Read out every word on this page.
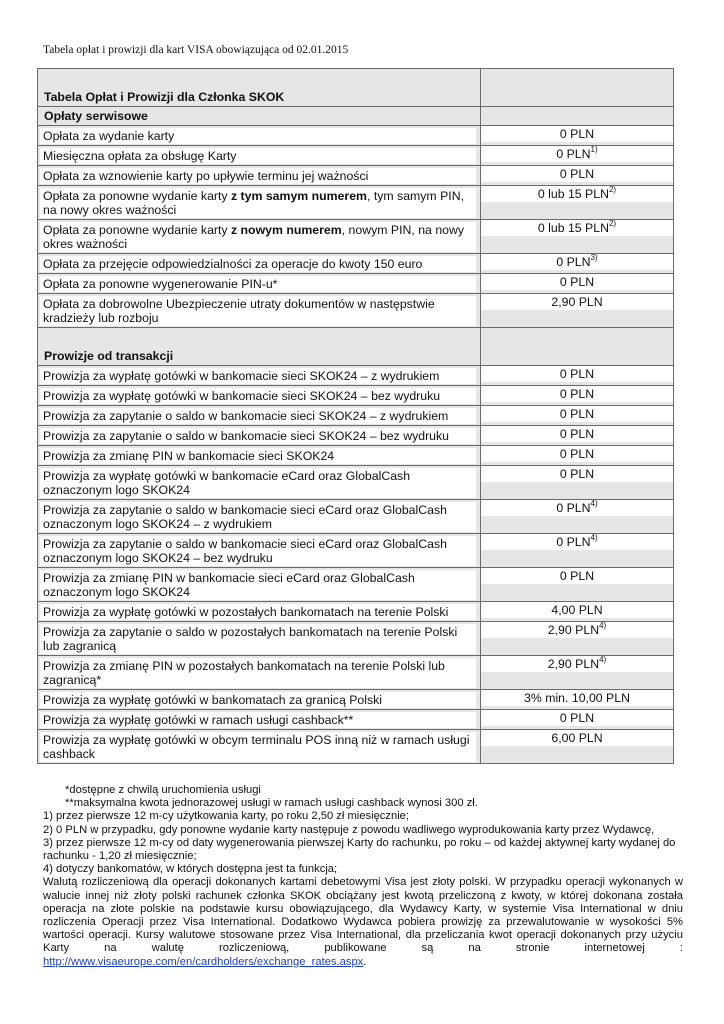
Tabela opłat i prowizji dla kart VISA obowiązująca od 02.01.2015
Tabela Opłat i Prowizji dla Członka SKOK	

Opłaty serwisowe	

Opłata za wydanie karty	0 PLN

Miesięczna opłata za obsługę Karty	0 PLN$^{1)}$

Opłata za wznowienie karty po upływie terminu jej ważności	0 PLN

Opłata za ponowne wydanie karty z tym samym numerem, tym samym PIN, na nowy okres ważności	0 lub 15 PLN$^{2)}$

Opłata za ponowne wydanie karty z nowym numerem, nowym PIN, na nowy okres ważności	0 lub 15 PLN$^{2)}$

Opłata za przejęcie odpowiedzialności za operacje do kwoty 150 euro	0 PLN$^{3)}$

Opłata za ponowne wygenerowanie PIN-u*	0 PLN

Opłata za dobrowolne Ubezpieczenie utraty dokumentów w następstwie kradzieży lub rozboju	2,90 PLN

Prowizje od transakcji	

Prowizja za wypłatę gotówki w bankomacie sieci SKOK24 – z wydrukiem	0 PLN

Prowizja za wypłatę gotówki w bankomacie sieci SKOK24 – bez wydruku	0 PLN

Prowizja za zapytanie o saldo w bankomacie sieci SKOK24 – z wydrukiem	0 PLN

Prowizja za zapytanie o saldo w bankomacie sieci SKOK24 – bez wydruku	0 PLN

Prowizja za zmianę PIN w bankomacie sieci SKOK24	0 PLN

Prowizja za wypłatę gotówki w bankomacie eCard oraz GlobalCash oznaczonym logo SKOK24	0 PLN

Prowizja za zapytanie o saldo w bankomacie sieci eCard oraz GlobalCash oznaczonym logo SKOK24 – z wydrukiem	0 PLN$^{4)}$

Prowizja za zapytanie o saldo w bankomacie sieci eCard oraz GlobalCash oznaczonym logo SKOK24 – bez wydruku	0 PLN$^{4)}$

Prowizja za zmianę PIN w bankomacie sieci eCard oraz GlobalCash oznaczonym logo SKOK24	0 PLN

Prowizja za wypłatę gotówki w pozostałych bankomatach na terenie Polski	4,00 PLN

Prowizja za zapytanie o saldo w pozostałych bankomatach na terenie Polski lub zagranicą	2,90 PLN$^{4)}$

Prowizja za zmianę PIN w pozostałych bankomatach na terenie Polski lub zagranicą*	2,90 PLN$^{4)}$

Prowizja za wypłatę gotówki w bankomatach za granicą Polski	3% min. 10,00 PLN

Prowizja za wypłatę gotówki w ramach usługi cashback**	0 PLN

Prowizja za wypłatę gotówki w obcym terminalu POS inną niż w ramach usługi cashback	6,00 PLN

*dostępne z chwilą uruchomienia usługi

**maksymalna kwota jednorazowej usługi w ramach usługi cashback wynosi 300 zł.

1) przez pierwsze 12 m-cy użytkowania karty, po roku 2,50 zł miesięcznie;

2) 0 PLN w przypadku, gdy ponowne wydanie karty następuje z powodu wadliwego wyprodukowania karty przez Wydawcę,

3) przez pierwsze 12 m-cy od daty wygenerowania pierwszej Karty do rachunku, po roku – od każdej aktywnej karty wydanej do rachunku - 1,20 zł miesięcznie;

4) dotyczy bankomatów, w których dostępna jest ta funkcja;

Walutą rozliczeniową dla operacji dokonanych kartami debetowymi Visa jest złoty polski. W przypadku operacji wykonanych w walucie innej niż złoty polski rachunek członka SKOK obciążany jest kwotą przeliczoną z kwoty, w której dokonana została operacja na złote polskie na podstawie kursu obowiązującego, dla Wydawcy Karty, w systemie Visa International w dniu rozliczenia Operacji przez Visa International. Dodatkowo Wydawca pobiera prowizję za przewalutowanie w wysokości 5% wartości operacji. Kursy walutowe stosowane przez Visa International, dla przeliczania kwot operacji dokonanych przy użyciu Karty na walutę rozliczeniową, publikowane są na stronie internetowej : http://www.visaeurope.com/en/cardholders/exchange_rates.aspx.
